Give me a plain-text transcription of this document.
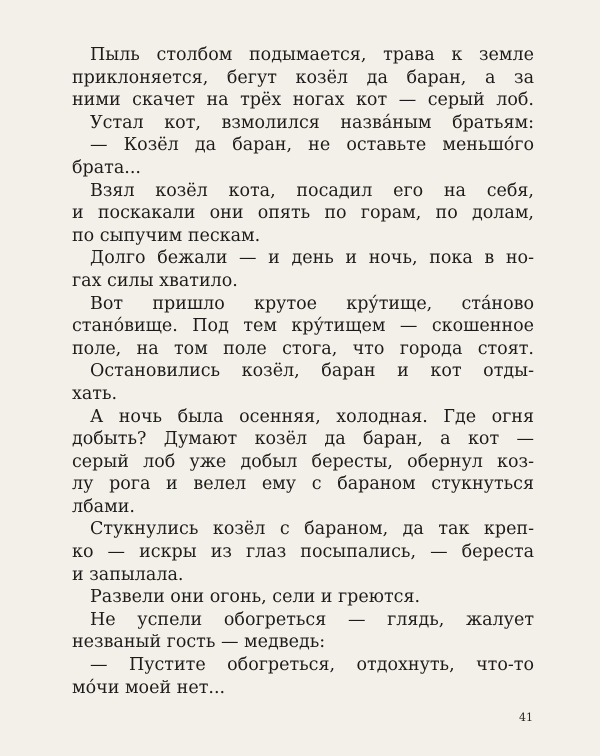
Пыль столбом подымается, трава к земле
приклоняется, бегут козёл да баран, а за
ними скачет на трёх ногах кот — серый лоб.
Устал кот, взмолился назва́ным братьям:
— Козёл да баран, не оставьте меньшо́го
брата...
Взял козёл кота, посадил его на себя,
и поскакали они опять по горам, по долам,
по сыпучим пескам.
Долго бежали — и день и ночь, пока в но-
гах силы хватило.
Вот пришло крутое кру́тище, ста́ново
стано́вище. Под тем кру́тищем — скошенное
поле, на том поле стога, что города стоят.
Остановились козёл, баран и кот отды-
хать.
А ночь была осенняя, холодная. Где огня
добыть? Думают козёл да баран, а кот —
серый лоб уже добыл бересты, обернул коз-
лу рога и велел ему с бараном стукнуться
лбами.
Стукнулись козёл с бараном, да так креп-
ко — искры из глаз посыпались, — береста
и запылала.
Развели они огонь, сели и греются.
Не успели обогреться — глядь, жалует
незваный гость — медведь:
— Пустите обогреться, отдохнуть, что-то
мо́чи моей нет...
41
